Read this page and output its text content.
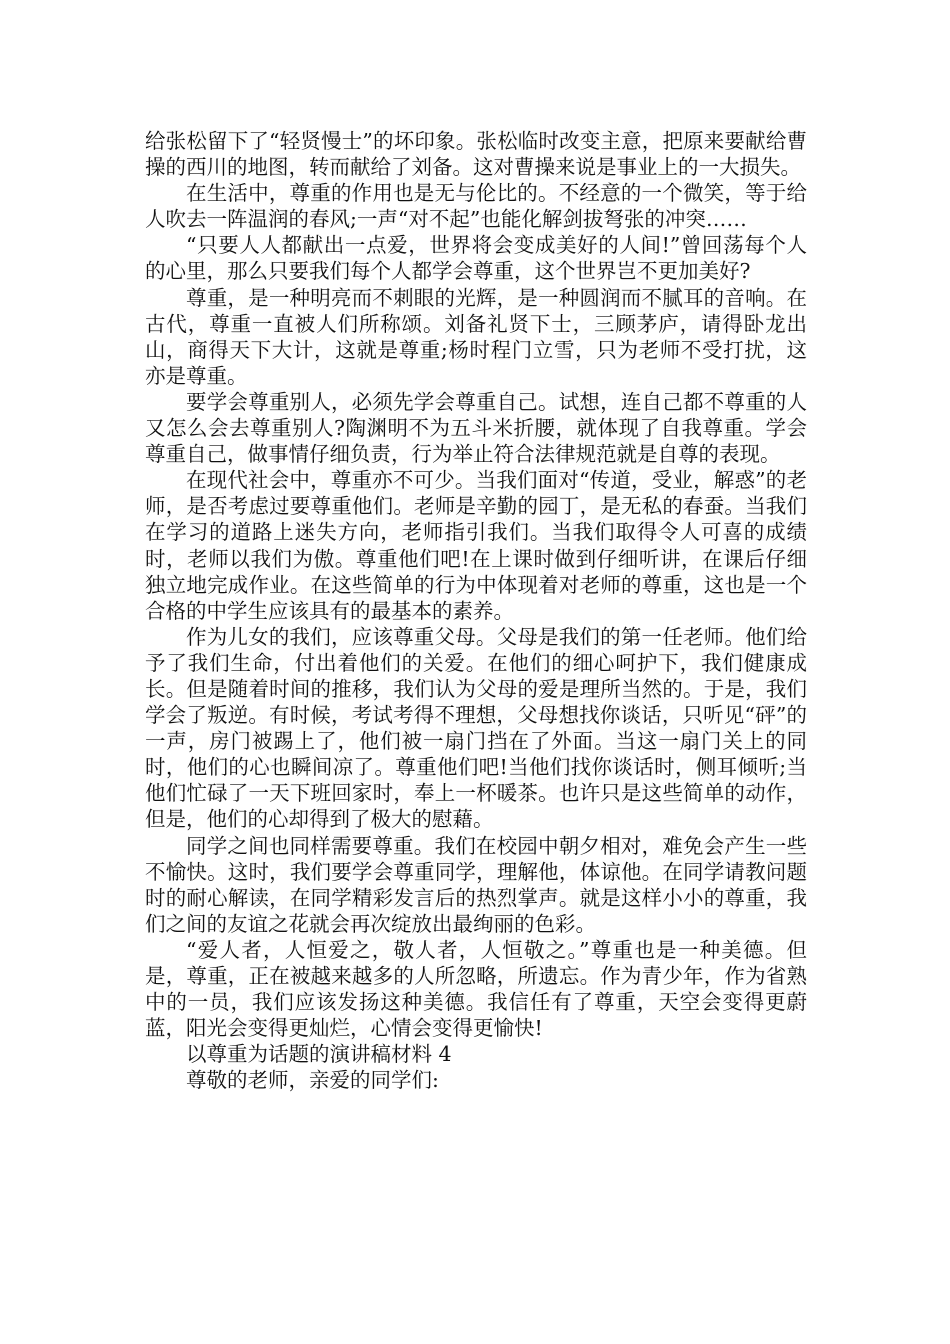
给张松留下了“轻贤慢士”的坏印象。张松临时改变主意，把原来要献给曹操的西川的地图，转而献给了刘备。这对曹操来说是事业上的一大损失。

在生活中，尊重的作用也是无与伦比的。不经意的一个微笑，等于给人吹去一阵温润的春风;一声“对不起”也能化解剑拔弩张的冲突……

“只要人人都献出一点爱，世界将会变成美好的人间!”曾回荡每个人的心里，那么只要我们每个人都学会尊重，这个世界岂不更加美好?

尊重，是一种明亮而不刺眼的光辉，是一种圆润而不腻耳的音响。在古代，尊重一直被人们所称颂。刘备礼贤下士，三顾茅庐，请得卧龙出山，商得天下大计，这就是尊重;杨时程门立雪，只为老师不受打扰，这亦是尊重。

要学会尊重别人，必须先学会尊重自己。试想，连自己都不尊重的人又怎么会去尊重别人?陶渊明不为五斗米折腰，就体现了自我尊重。学会尊重自己，做事情仔细负责，行为举止符合法律规范就是自尊的表现。

在现代社会中，尊重亦不可少。当我们面对“传道，受业，解惑”的老师，是否考虑过要尊重他们。老师是辛勤的园丁，是无私的春蚕。当我们在学习的道路上迷失方向，老师指引我们。当我们取得令人可喜的成绩时，老师以我们为傲。尊重他们吧!在上课时做到仔细听讲，在课后仔细独立地完成作业。在这些简单的行为中体现着对老师的尊重，这也是一个合格的中学生应该具有的最基本的素养。

作为儿女的我们，应该尊重父母。父母是我们的第一任老师。他们给予了我们生命，付出着他们的关爱。在他们的细心呵护下，我们健康成长。但是随着时间的推移，我们认为父母的爱是理所当然的。于是，我们学会了叛逆。有时候，考试考得不理想，父母想找你谈话，只听见“砰”的一声，房门被踢上了，他们被一扇门挡在了外面。当这一扇门关上的同时，他们的心也瞬间凉了。尊重他们吧!当他们找你谈话时，侧耳倾听;当他们忙碌了一天下班回家时，奉上一杯暖茶。也许只是这些简单的动作，但是，他们的心却得到了极大的慰藉。

同学之间也同样需要尊重。我们在校园中朝夕相对，难免会产生一些不愉快。这时，我们要学会尊重同学，理解他，体谅他。在同学请教问题时的耐心解读，在同学精彩发言后的热烈掌声。就是这样小小的尊重，我们之间的友谊之花就会再次绽放出最绚丽的色彩。

“爱人者，人恒爱之，敬人者，人恒敬之。”尊重也是一种美德。但是，尊重，正在被越来越多的人所忽略，所遗忘。作为青少年，作为省熟中的一员，我们应该发扬这种美德。我信任有了尊重，天空会变得更蔚蓝，阳光会变得更灿烂，心情会变得更愉快!

以尊重为话题的演讲稿材料 4

尊敬的老师，亲爱的同学们:
